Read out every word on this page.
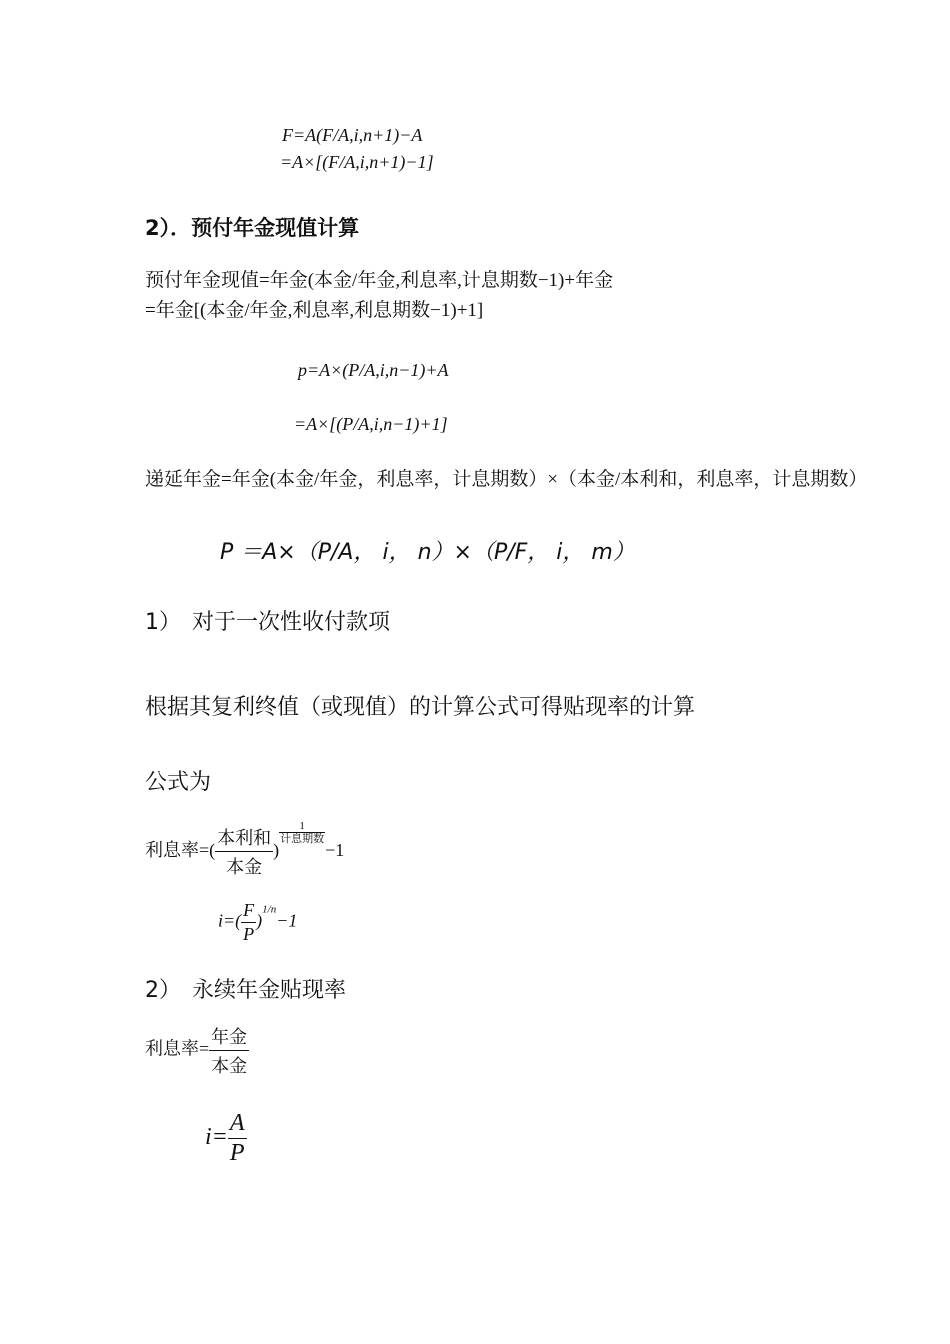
F=A(F/A,i,n+1)−A
=A×[(F/A,i,n+1)−1]
2）．预付年金现值计算
预付年金现值=年金(本金/年金,利息率,计息期数−1)+年金
=年金[(本金/年金,利息率,利息期数−1)+1]
p=A×(P/A,i,n−1)+A
=A×[(P/A,i,n−1)+1]
递延年金=年金(本金/年金，利息率，计息期数）×（本金/本利和，利息率，计息期数）
P ＝A×（P/A， i， n）×（P/F， i， m）
1）　对于一次性收付款项
根据其复利终值（或现值）的计算公式可得贴现率的计算
公式为
利息率=( $\frac{\text{本利和}}{\text{本金}}$ )
$\frac{1}{\text{计息期数}}$
−1
$i=( \frac{F}{P} )^{1/n}-1$
2）　永续年金贴现率
利息率= $\frac{\text{年金}}{\text{本金}}$
$i= \frac{A}{P}$
